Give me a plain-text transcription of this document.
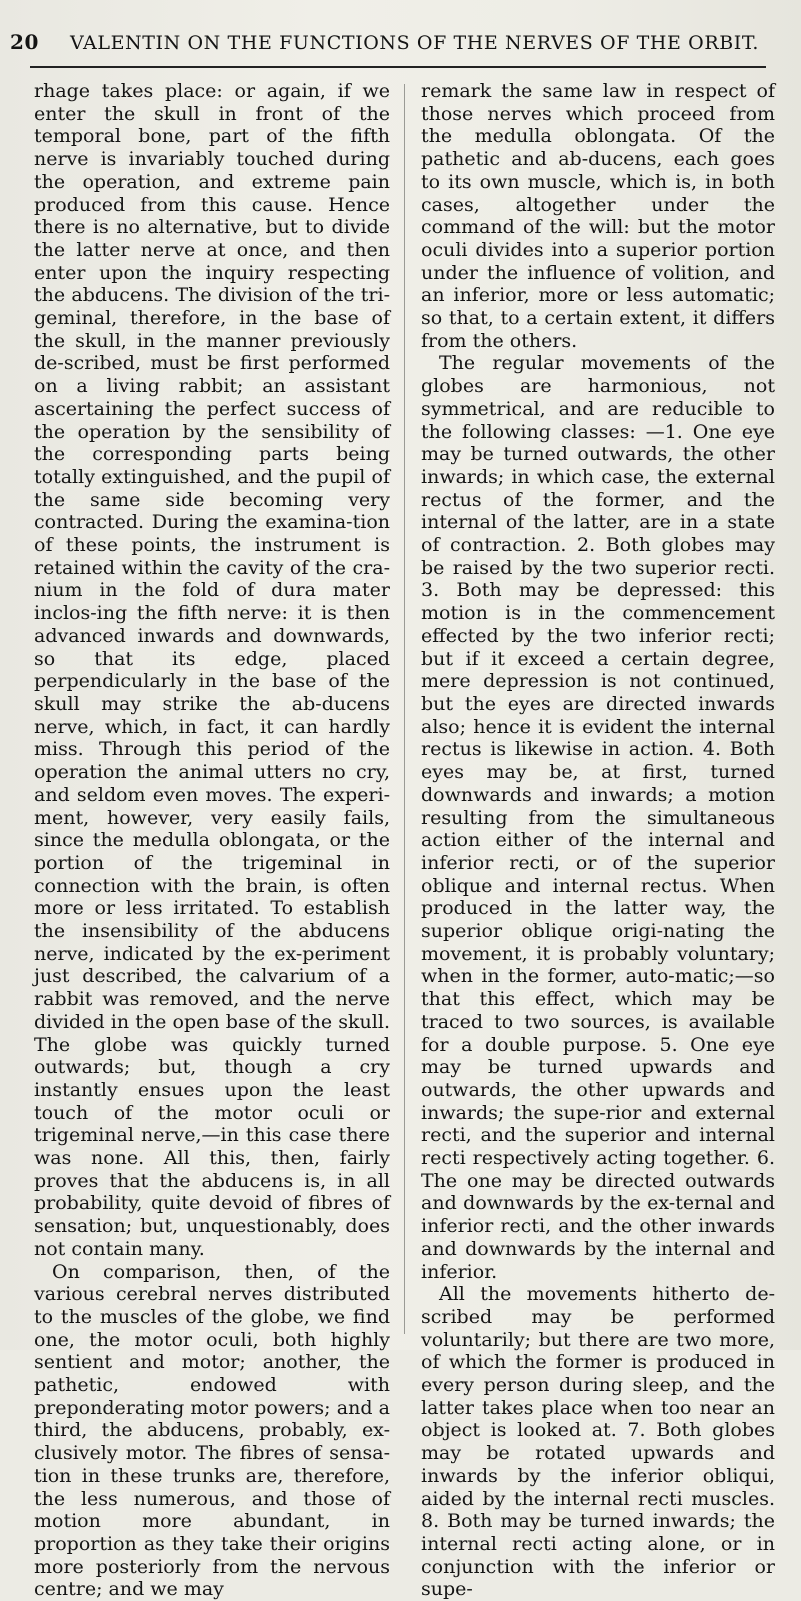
20	VALENTIN ON THE FUNCTIONS OF THE NERVES OF THE ORBIT.

rhage takes place: or again, if we enter the skull in front of the temporal bone, part of the fifth nerve is invariably touched during the operation, and extreme pain produced from this cause. Hence there is no alternative, but to divide the latter nerve at once, and then enter upon the inquiry respecting the abducens. The division of the tri-geminal, therefore, in the base of the skull, in the manner previously de-scribed, must be first performed on a living rabbit; an assistant ascertaining the perfect success of the operation by the sensibility of the corresponding parts being totally extinguished, and the pupil of the same side becoming very contracted. During the examina-tion of these points, the instrument is retained within the cavity of the cra-nium in the fold of dura mater inclos-ing the fifth nerve: it is then advanced inwards and downwards, so that its edge, placed perpendicularly in the base of the skull may strike the ab-ducens nerve, which, in fact, it can hardly miss. Through this period of the operation the animal utters no cry, and seldom even moves. The experi-ment, however, very easily fails, since the medulla oblongata, or the portion of the trigeminal in connection with the brain, is often more or less irritated. To establish the insensibility of the abducens nerve, indicated by the ex-periment just described, the calvarium of a rabbit was removed, and the nerve divided in the open base of the skull. The globe was quickly turned outwards; but, though a cry instantly ensues upon the least touch of the motor oculi or trigeminal nerve,—in this case there was none. All this, then, fairly proves that the abducens is, in all probability, quite devoid of fibres of sensation; but, unquestionably, does not contain many.

On comparison, then, of the various cerebral nerves distributed to the muscles of the globe, we find one, the motor oculi, both highly sentient and motor; another, the pathetic, endowed with preponderating motor powers; and a third, the abducens, probably, ex-clusively motor. The fibres of sensa-tion in these trunks are, therefore, the less numerous, and those of motion more abundant, in proportion as they take their origins more posteriorly from the nervous centre; and we may

remark the same law in respect of those nerves which proceed from the medulla oblongata. Of the pathetic and ab-ducens, each goes to its own muscle, which is, in both cases, altogether under the command of the will: but the motor oculi divides into a superior portion under the influence of volition, and an inferior, more or less automatic; so that, to a certain extent, it differs from the others.

The regular movements of the globes are harmonious, not symmetrical, and are reducible to the following classes: —1. One eye may be turned outwards, the other inwards; in which case, the external rectus of the former, and the internal of the latter, are in a state of contraction. 2. Both globes may be raised by the two superior recti. 3. Both may be depressed: this motion is in the commencement effected by the two inferior recti; but if it exceed a certain degree, mere depression is not continued, but the eyes are directed inwards also; hence it is evident the internal rectus is likewise in action. 4. Both eyes may be, at first, turned downwards and inwards; a motion resulting from the simultaneous action either of the internal and inferior recti, or of the superior oblique and internal rectus. When produced in the latter way, the superior oblique origi-nating the movement, it is probably voluntary; when in the former, auto-matic;—so that this effect, which may be traced to two sources, is available for a double purpose. 5. One eye may be turned upwards and outwards, the other upwards and inwards; the supe-rior and external recti, and the superior and internal recti respectively acting together. 6. The one may be directed outwards and downwards by the ex-ternal and inferior recti, and the other inwards and downwards by the internal and inferior.

All the movements hitherto de-scribed may be performed voluntarily; but there are two more, of which the former is produced in every person during sleep, and the latter takes place when too near an object is looked at. 7. Both globes may be rotated upwards and inwards by the inferior obliqui, aided by the internal recti muscles. 8. Both may be turned inwards; the internal recti acting alone, or in conjunction with the inferior or supe-
